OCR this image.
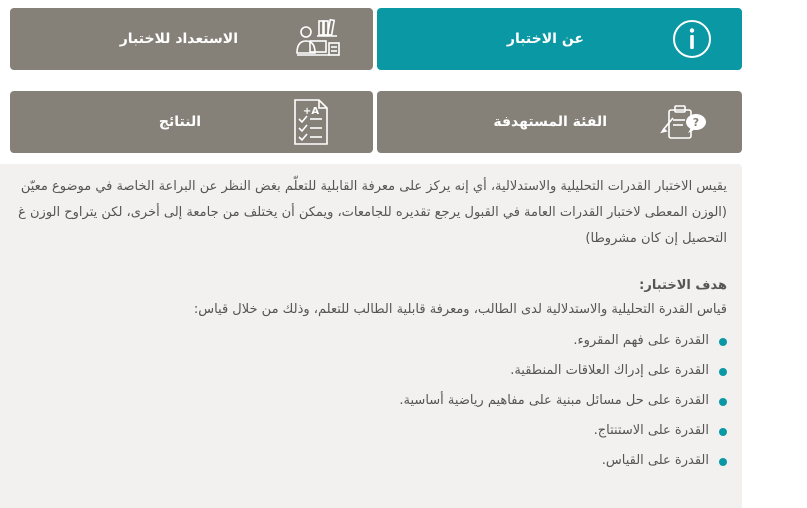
عن الاختبار
الاستعداد للاختبار
?
الفئة المستهدفة
A+
النتائج
يقيس الاختبار القدرات التحليلية والاستدلالية، أي إنه يركز على معرفة القابلية للتعلّم بغض النظر عن البراعة الخاصة في موضوع معيّن
(الوزن المعطى لاختبار القدرات العامة في القبول يرجع تقديره للجامعات، ويمكن أن يختلف من جامعة إلى أخرى، لكن يتراوح الوزن غ
التحصيل إن كان مشروطا)
هدف الاختبار:
قياس القدرة التحليلية والاستدلالية لدى الطالب، ومعرفة قابلية الطالب للتعلم، وذلك من خلال قياس:
القدرة على فهم المقروء.
القدرة على إدراك العلاقات المنطقية.
القدرة على حل مسائل مبنية على مفاهيم رياضية أساسية.
القدرة على الاستنتاج.
القدرة على القياس.
